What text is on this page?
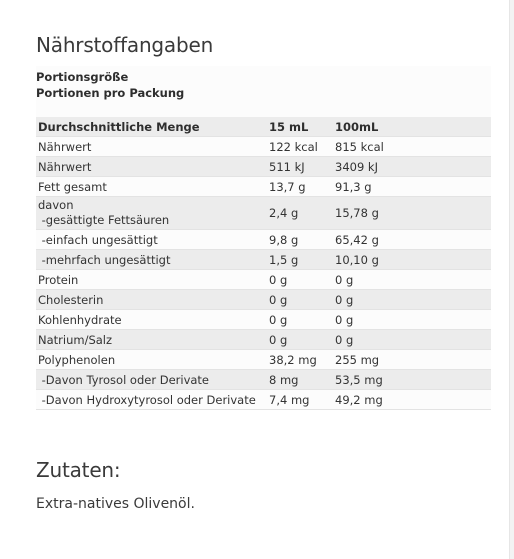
Nährstoffangaben
Portionsgröße
Portionen pro Packung
Durchschnittliche Menge	15 mL	100mL
Nährwert	122 kcal	815 kcal
Nährwert	511 kJ	3409 kJ
Fett gesamt	13,7 g	91,3 g

davon
-gesättigte Fettsäuren	2,4 g	15,78 g
-einfach ungesättigt	9,8 g	65,42 g
-mehrfach ungesättigt	1,5 g	10,10 g
Protein	0 g	0 g
Cholesterin	0 g	0 g
Kohlenhydrate	0 g	0 g
Natrium/Salz	0 g	0 g
Polyphenolen	38,2 mg	255 mg
-Davon Tyrosol oder Derivate	8 mg	53,5 mg
-Davon Hydroxytyrosol oder Derivate	7,4 mg	49,2 mg
Zutaten:
Extra-natives Olivenöl.
